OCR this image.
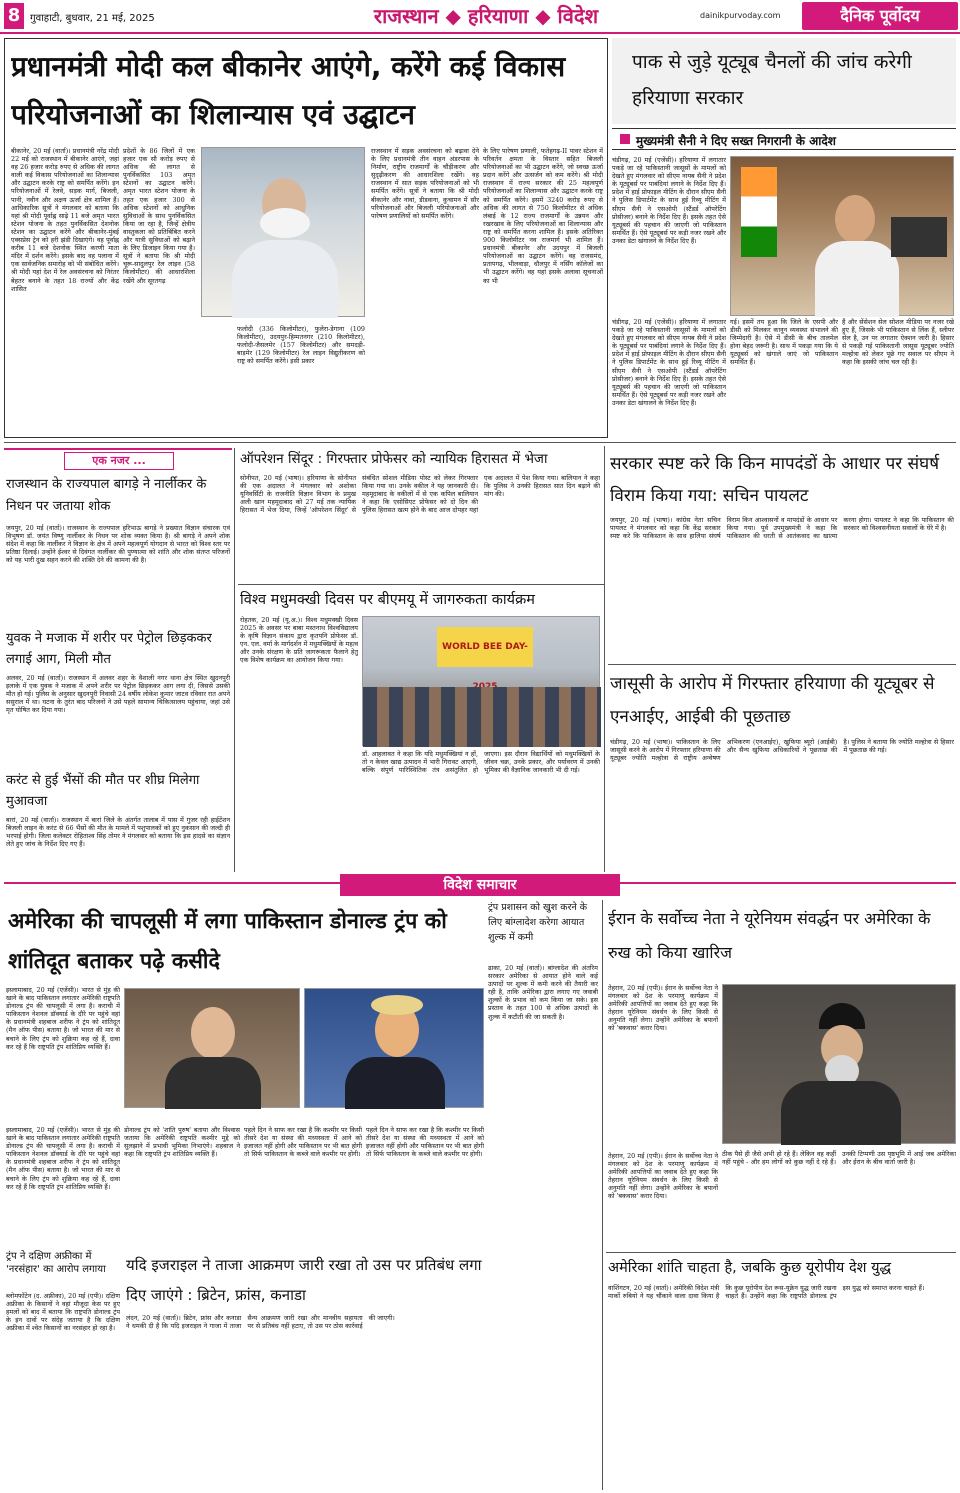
8 गुवाहाटी, बुधवार, 21 मई, 2025	राजस्थान ◆ हरियाणा ◆ विदेश	dainikpurvoday.com	दैनिक पूर्वोदय
प्रधानमंत्री मोदी कल बीकानेर आएंगे, करेंगे कई विकास परियोजनाओं का शिलान्यास एवं उद्घाटन
बीकानेर, 20 मई (वार्ता)। प्रधानमंत्री नरेंद्र मोदी 22 मई को राजस्थान में बीकानेर आएंगे, जहां वह 26 हजार करोड़ रुपए से अधिक की लागत वाली कई विकास परियोजनाओं का शिलान्यास और उद्घाटन करके राष्ट्र को समर्पित करेंगे। इन परियोजनाओं में रेलवे, सड़क मार्ग, बिजली, पानी, नवीन और अक्षय ऊर्जा क्षेत्र शामिल हैं। आधिकारिक सूत्रों ने मंगलवार को बताया कि यहां श्री मोदी पूर्वाह्न साढ़े 11 बजे अमृत भारत स्टेशन योजना के तहत पुनर्विकसित देशनोक स्टेशन का उद्घाटन करेंगे और बीकानेर-मुंबई एक्सप्रेस ट्रेन को हरी झंडी दिखाएंगे। वह पूर्वाह्न करीब 11 बजे देशनोक स्थित करणी माता मंदिर में दर्शन करेंगे। इसके बाद वह पलाना में एक सार्वजनिक समारोह को भी संबोधित करेंगे। श्री मोदी यहां देश में रेल अवसंरचना को निरंतर बेहतर बनाने के तहत 18 राज्यों और केंद्र शासित
प्रदेशों के 86 जिलों में एक हजार एक सौ करोड़ रुपए से अधिक की लागत से पुनर्विकसित 103 अमृत स्टेशनों का उद्घाटन करेंगे। अमृत भारत स्टेशन योजना के तहत एक हजार 300 से अधिक स्टेशनों को आधुनिक सुविधाओं के साथ पुनर्विकसित किया जा रहा है, जिन्हें क्षेत्रीय वास्तुकला को प्रतिबिंबित करने और यात्री सुविधाओं को बढ़ाने के लिए डिजाइन किया गया है। सूत्रों ने बताया कि श्री मोदी चूरू-सादुलपुर रेल लाइन (58 किलोमीटर) की आधारशिला रखेंगे और सूरतगढ़
फलोदी (336 किलोमीटर), फुलेरा-डेगाना (109 किलोमीटर), उदयपुर-हिम्मतनगर (210 किलोमीटर), फलोदी-जैसलमेर (157 किलोमीटर) और समदड़ी-बाड़मेर (129 किलोमीटर) रेल लाइन विद्युतीकरण को राष्ट्र को समर्पित करेंगे। इसी प्रकार
राजस्थान में सड़क अवसंरचना को बढ़ावा देने के लिए प्रधानमंत्री तीन वाहन अंडरपास के निर्माण, राष्ट्रीय राजमार्गों के चौड़ीकरण और सुदृढ़ीकरण की आधारशिला रखेंगे। वह राजस्थान में सात सड़क परियोजनाओं को भी समर्पित करेंगे। सूत्रों ने बताया कि श्री मोदी बीकानेर और नावां, डीडवाना, कुचामन में सौर परियोजनाओं और बिजली परियोजनाओं और पारेषण प्रणालियों को समर्पित करेंगे।
के लिए पारेषण प्रणाली, फतेहगढ़-II पावर स्टेशन में परिवर्तन क्षमता के विस्तार सहित बिजली परियोजनाओं का भी उद्घाटन करेंगे, जो स्वच्छ ऊर्जा प्रदान करेंगे और उत्सर्जन को कम करेंगे। श्री मोदी राजस्थान में राज्य सरकार की 25 महत्वपूर्ण परियोजनाओं का शिलान्यास और उद्घाटन करके राष्ट्र को समर्पित करेंगे। इसमें 3240 करोड़ रुपए से अधिक की लागत से 750 किलोमीटर से अधिक लंबाई के 12 राज्य राजमार्गों के उन्नयन और रखरखाव के लिए परियोजनाओं का शिलान्यास और राष्ट्र को समर्पित करना शामिल है। इसके अतिरिक्त 900 किलोमीटर नव राजमार्ग भी शामिल हैं। प्रधानमंत्री बीकानेर और उदयपुर में बिजली परियोजनाओं का उद्घाटन करेंगे। वह राजसमंद, प्रतापगढ़, भीलवाड़ा, धौलपुर में नर्सिंग कॉलेजों का भी उद्घाटन करेंगे। वह यहां इसके अलावा सूचनाओं का भी
पाक से जुड़े यूट्यूब चैनलों की जांच करेगी हरियाणा सरकार
मुख्यमंत्री सैनी ने दिए सख्त निगरानी के आदेश
चंडीगढ़, 20 मई (एजेंसी)। हरियाणा में लगातार पकड़े जा रहे पाकिस्तानी जासूसों के मामलों को देखते हुए मंगलवार को सीएम नायब सैनी ने प्रदेश के यूट्यूबर्स पर पाबंदियां लगाने के निर्देश दिए हैं। प्रदेश में हाई प्रोफाइल मीटिंग के दौरान सीएम सैनी ने पुलिस डिपार्टमेंट के साथ हुई रिव्यू मीटिंग में सीएम सैनी ने एसओपी (स्टैंडर्ड ऑपरेटिंग प्रोसीजर) बनाने के निर्देश दिए हैं। इसके तहत ऐसे यूट्यूबर्स की पहचान की जाएगी जो पाकिस्तान समर्थित हैं। ऐसे यूट्यूबर्स पर कड़ी नजर रखने और उनका डेटा खंगालने के निर्देश दिए हैं।
चंडीगढ़, 20 मई (एजेंसी)। हरियाणा में लगातार पकड़े जा रहे पाकिस्तानी जासूसों के मामलों को देखते हुए मंगलवार को सीएम नायब सैनी ने प्रदेश के यूट्यूबर्स पर पाबंदियां लगाने के निर्देश दिए हैं। प्रदेश में हाई प्रोफाइल मीटिंग के दौरान सीएम सैनी ने पुलिस डिपार्टमेंट के साथ हुई रिव्यू मीटिंग में सीएम सैनी ने एसओपी (स्टैंडर्ड ऑपरेटिंग प्रोसीजर) बनाने के निर्देश दिए हैं। इसके तहत ऐसे यूट्यूबर्स की पहचान की जाएगी जो पाकिस्तान समर्थित हैं। ऐसे यूट्यूबर्स पर कड़ी नजर रखने और उनका डेटा खंगालने के निर्देश दिए हैं।
गई। इसमें तय हुआ कि जिले के एसपी और डीसी को मिलकर कानून व्यवस्था संभालने की जिम्मेदारी है। ऐसे में डीसी के बीच तालमेल होना बेहद जरूरी है। साथ में पकड़ा गया कि ये यूट्यूबर्स को खंगाले जाएं जो पाकिस्तान समर्थित हैं।
हैं और सेंसेशन सेल सोशल मीडिया पर नजर रखे हुए हैं, जिसके भी पाकिस्तान से लिंक हैं, स्लीपर सेल है, उन पर लगातार ऐक्शन जारी है। हिसार से पकड़ी गई पाकिस्तानी जासूस यूट्यूबर ज्योति मल्होत्रा को लेकर पूछे गए सवाल पर सीएम ने कहा कि इसकी जांच चल रही है।
एक नजर ...
राजस्थान के राज्यपाल बागड़े ने नार्लीकर के निधन पर जताया शोक
जयपुर, 20 मई (वार्ता)। राजस्थान के राज्यपाल हरिभाऊ बागड़े ने प्रख्यात विज्ञान संचारक एवं विभूषण डॉ. जयंत विष्णु नार्लीकर के निधन पर शोक व्यक्त किया है। श्री बागड़े ने अपने शोक संदेश में कहा कि नार्लीकर ने विज्ञान के क्षेत्र में अपने महत्वपूर्ण योगदान से भारत को विश्व स्तर पर प्रतिष्ठा दिलाई। उन्होंने ईश्वर से दिवंगत नार्लीकर की पुण्यात्मा को शांति और शोक संतप्त परिजनों को यह भारी दुख सहन करने की शक्ति देने की कामना की है।
युवक ने मजाक में शरीर पर पेट्रोल छिड़ककर लगाई आग, मिली मौत
अलवर, 20 मई (वार्ता)। राजस्थान में अलवर शहर के वैशाली नगर थाना क्षेत्र स्थित खुदनपुरी इलाके में एक युवक ने मजाक में अपने शरीर पर पेट्रोल छिड़ककर आग लगा दी, जिससे उसकी मौत हो गई। पुलिस के अनुसार खुदनपुरी निवासी 24 वर्षीय लोकेश कुमार जाटव रविवार रात अपने ससुराल में था। घटना के तुरंत बाद परिजनों ने उसे पहले सामान्य चिकित्सालय पहुंचाया, जहां उसे मृत घोषित कर दिया गया।
करंट से हुई भैंसों की मौत पर शीघ्र मिलेगा मुआवजा
बारां, 20 मई (वार्ता)। राजस्थान में बारां जिले के अंतर्गत तालाब में पास में गुजर रही हाईटेंशन बिजली लाइन के करंट से 66 भैंसों की मौत के मामले में पशुपालकों को हुए नुकसान की जल्दी ही भरपाई होगी। जिला कलेक्टर रोहिताश्व सिंह तोमर ने मंगलवार को बताया कि इस हादसे का संज्ञान लेते हुए जांच के निर्देश दिए गए हैं।
ऑपरेशन सिंदूर : गिरफ्तार प्रोफेसर को न्यायिक हिरासत में भेजा
सोनीपत, 20 मई (भाषा)। हरियाणा के सोनीपत की एक अदालत ने मंगलवार को अशोका यूनिवर्सिटी के राजनीति विज्ञान विभाग के प्रमुख अली खान महमूदाबाद को 27 मई तक न्यायिक हिरासत में भेज दिया, जिन्हें 'ऑपरेशन सिंदूर' से संबंधित सोशल मीडिया पोस्ट को लेकर गिरफ्तार किया गया था। उनके वकील ने यह जानकारी दी। महमूदाबाद के वकीलों में से एक कपिल बालियान ने कहा कि एसोसिएट प्रोफेसर को दो दिन की पुलिस हिरासत खत्म होने के बाद आज दोपहर यहां एक अदालत में पेश किया गया। बालियान ने कहा कि पुलिस ने उनकी हिरासत सात दिन बढ़ाने की मांग की।
विश्व मधुमक्खी दिवस पर बीएमयू में जागरुकता कार्यक्रम
रोहतक, 20 मई (यू.अ.)। विश्व मधुमक्खी दिवस 2025 के अवसर पर बाबा मस्तनाथ विश्वविद्यालय के कृषि विज्ञान संकाय द्वारा कृतपनि प्रोफेसर डॉ. एन. एल. वर्मा के मार्गदर्शन में मधुमक्खियों के महत्व और उनके संरक्षण के प्रति जागरूकता फैलाने हेतु एक विशेष कार्यक्रम का आयोजन किया गया।
WORLD BEE DAY-
डॉ. आहलावत ने कहा कि यदि मधुमक्खियां न हों, तो न केवल खाद्य उत्पादन में भारी गिरावट आएगी, बल्कि संपूर्ण पारिस्थितिक तंत्र असंतुलित हो जाएगा। इस दौरान विद्यार्थियों को मधुमक्खियों के जीवन चक्र, उनके प्रकार, और पर्यावरण में उनकी भूमिका की वैज्ञानिक जानकारी भी दी गई।
सरकार स्पष्ट करे कि किन मापदंडों के आधार पर संघर्ष विराम किया गया: सचिन पायलट
जयपुर, 20 मई (भाषा)। कांग्रेस नेता सचिन पायलट ने मंगलवार को कहा कि केंद्र सरकार स्पष्ट करे कि पाकिस्तान के साथ हालिया संघर्ष विराम किन आश्वासनों व मापदंडों के आधार पर किया गया। पूर्व उपमुख्यमंत्री ने कहा कि पाकिस्तान की धरती से आतंकवाद का खात्मा करना होगा। पायलट ने कहा कि पाकिस्तान की सरकार को विश्वसनीयता सवालों के घेरे में है।
जासूसी के आरोप में गिरफ्तार हरियाणा की यूट्यूबर से एनआईए, आईबी की पूछताछ
चंडीगढ़, 20 मई (भाषा)। पाकिस्तान के लिए जासूसी करने के आरोप में गिरफ्तार हरियाणा की यूट्यूबर ज्योति मल्होत्रा से राष्ट्रीय अन्वेषण अभिकरण (एनआईए), खुफिया ब्यूरो (आईबी) और सैन्य खुफिया अधिकारियों ने पूछताछ की है। पुलिस ने बताया कि ज्योति मल्होत्रा से हिसार में पूछताछ की गई।
विदेश समाचार
अमेरिका की चापलूसी में लगा पाकिस्तान डोनाल्ड ट्रंप को शांतिदूत बताकर पढ़े कसीदे
इस्लामाबाद, 20 मई (एजेंसी)। भारत से मुंह की खाने के बाद पाकिस्तान लगातार अमेरिकी राष्ट्रपति डोनाल्ड ट्रंप की चापलूसी में लगा है। कराची में पाकिस्तान नेशनल डॉक्यार्ड के दौरे पर पहुंचे वहां के प्रधानमंत्री शहबाज शरीफ ने ट्रंप को शांतिदूत (मैन ऑफ पीस) बताया है। जो भारत की मार से बचाने के लिए ट्रंप को शुक्रिया कह रहे हैं, दावा कर रहे हैं कि राष्ट्रपति ट्रंप शांतिप्रिय व्यक्ति हैं।
इस्लामाबाद, 20 मई (एजेंसी)। भारत से मुंह की खाने के बाद पाकिस्तान लगातार अमेरिकी राष्ट्रपति डोनाल्ड ट्रंप की चापलूसी में लगा है। कराची में पाकिस्तान नेशनल डॉक्यार्ड के दौरे पर पहुंचे वहां के प्रधानमंत्री शहबाज शरीफ ने ट्रंप को शांतिदूत (मैन ऑफ पीस) बताया है। जो भारत की मार से बचाने के लिए ट्रंप को शुक्रिया कह रहे हैं, दावा कर रहे हैं कि राष्ट्रपति ट्रंप शांतिप्रिय व्यक्ति हैं।
डोनाल्ड ट्रंप को 'शांति पुरुष' बताया और विश्वास जताया कि अमेरिकी राष्ट्रपति कश्मीर मुद्दे को सुलझाने में प्रभावी भूमिका निभाएंगे। शहबाज ने कहा कि राष्ट्रपति ट्रंप शांतिप्रिय व्यक्ति हैं।
पहले दिन ने साफ कर रखा है कि कश्मीर पर किसी तीसरे देश या संस्था की मध्यस्थता में आने को इजाजत नहीं होगी और पाकिस्तान पर भी बात होगी तो सिर्फ पाकिस्तान के कब्जे वाले कश्मीर पर होगी।
पहले दिन ने साफ कर रखा है कि कश्मीर पर किसी तीसरे देश या संस्था की मध्यस्थता में आने को इजाजत नहीं होगी और पाकिस्तान पर भी बात होगी तो सिर्फ पाकिस्तान के कब्जे वाले कश्मीर पर होगी।
ट्रंप ने दक्षिण अफ्रीका में 'नरसंहार' का आरोप लगाया
ब्लोमफोंटेन (द. अफ्रीका), 20 मई (एपी)। दक्षिण अफ्रीका के किसानों ने वहां मौजूदा केस पर हुए हमलों को बाद में बताया कि राष्ट्रपति डोनाल्ड ट्रंप के इन दावों पर संदेह जताया है कि दक्षिण अफ्रीका में श्वेत किसानों का नरसंहार हो रहा है।
यदि इजराइल ने ताजा आक्रमण जारी रखा तो उस पर प्रतिबंध लगा दिए जाएंगे : ब्रिटेन, फ्रांस, कनाडा
लंदन, 20 मई (वार्ता)। ब्रिटेन, फ्रांस और कनाडा ने धमकी दी है कि यदि इजराइल ने गाजा में ताजा सैन्य आक्रमण जारी रखा और मानवीय सहायता पर से प्रतिबंध नहीं हटाए, तो उस पर ठोस कार्रवाई की जाएगी।
ट्रंप प्रशासन को खुश करने के लिए बांग्लादेश करेगा आयात शुल्क में कमी
ढाका, 20 मई (वार्ता)। बांग्लादेश की अंतरिम सरकार अमेरिका से आयात होने वाले कई उत्पादों पर शुल्क में कमी करने की तैयारी कर रही है, ताकि अमेरिका द्वारा लगाए गए जवाबी शुल्कों के प्रभाव को कम किया जा सके। इस प्रस्ताव के तहत 100 से अधिक उत्पादों के शुल्क में कटौती की जा सकती है।
ईरान के सर्वोच्च नेता ने यूरेनियम संवर्द्धन पर अमेरिका के रुख को किया खारिज
तेहरान, 20 मई (एपी)। ईरान के सर्वोच्च नेता ने मंगलवार को देश के परमाणु कार्यक्रम में अमेरिकी आपत्तियों का जवाब देते हुए कहा कि तेहरान यूरेनियम संवर्धन के लिए किसी से अनुमति नहीं लेगा। उन्होंने अमेरिका के बयानों को 'बकवास' करार दिया।
तेहरान, 20 मई (एपी)। ईरान के सर्वोच्च नेता ने मंगलवार को देश के परमाणु कार्यक्रम में अमेरिकी आपत्तियों का जवाब देते हुए कहा कि तेहरान यूरेनियम संवर्धन के लिए किसी से अनुमति नहीं लेगा। उन्होंने अमेरिका के बयानों को 'बकवास' करार दिया।
ठीक पैसे ही जैसे अभी हो रहे हैं। लेकिन वह कहीं नहीं पहुंचे - और हम लोगों को कुछ नहीं दे रहे हैं। उनकी टिप्पणी उस पृष्ठभूमि में आई जब अमेरिका और ईरान के बीच वार्ता जारी है।
अमेरिका शांति चाहता है, जबकि कुछ यूरोपीय देश युद्ध
वाशिंगटन, 20 मई (वार्ता)। अमेरिकी विदेश मंत्री मार्को रुबियो ने यह चौंकाने वाला दावा किया है कि कुछ यूरोपीय देश रूस-यूक्रेन युद्ध जारी रखना चाहते हैं। उन्होंने कहा कि राष्ट्रपति डोनाल्ड ट्रंप इस युद्ध को समाप्त करना चाहते हैं।
